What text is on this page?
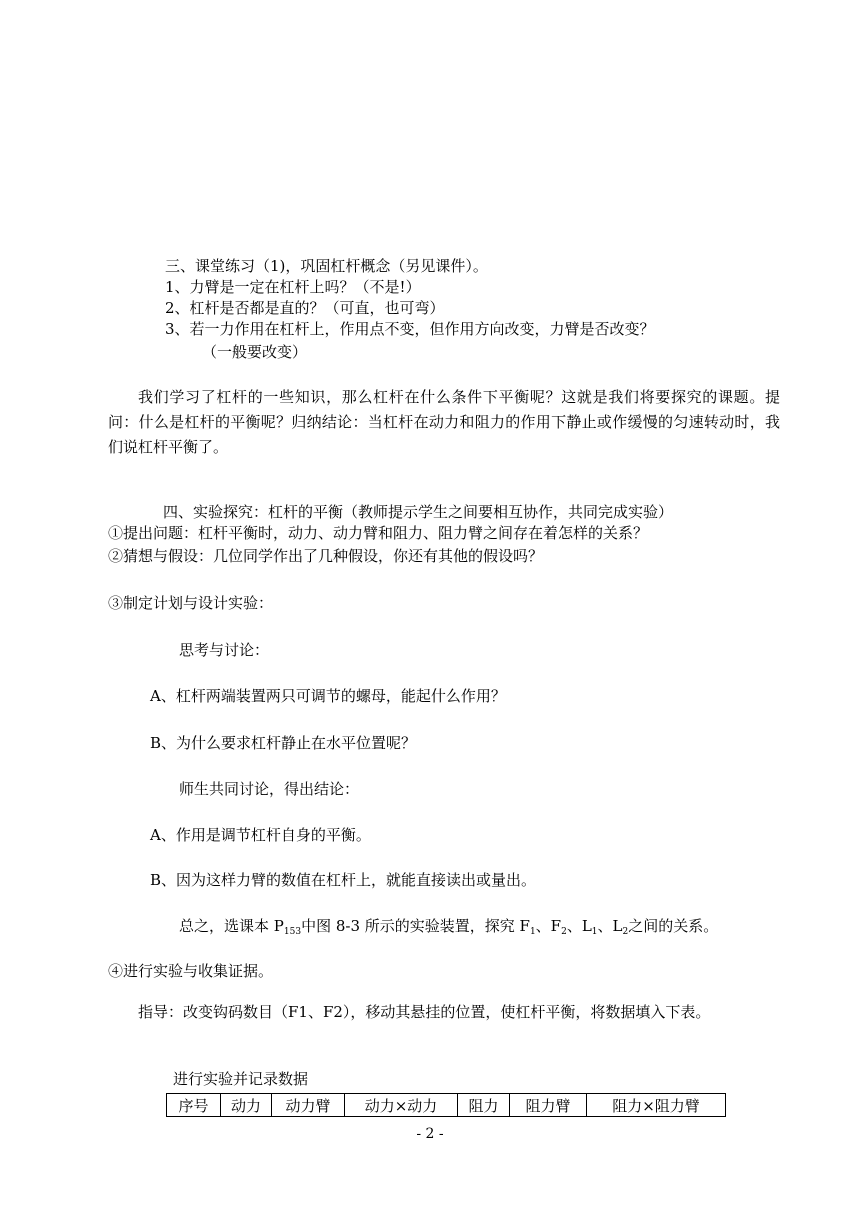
三、课堂练习（1)，巩固杠杆概念（另见课件）。
1、力臂是一定在杠杆上吗？（不是!）
2、杠杆是否都是直的？（可直，也可弯）
3、若一力作用在杠杆上，作用点不变，但作用方向改变，力臂是否改变？
（一般要改变）
我们学习了杠杆的一些知识，那么杠杆在什么条件下平衡呢？这就是我们将要探究的课题。提问：什么是杠杆的平衡呢？归纳结论：当杠杆在动力和阻力的作用下静止或作缓慢的匀速转动时，我们说杠杆平衡了。
四、实验探究：杠杆的平衡（教师提示学生之间要相互协作，共同完成实验）
①提出问题：杠杆平衡时，动力、动力臂和阻力、阻力臂之间存在着怎样的关系？
②猜想与假设：几位同学作出了几种假设，你还有其他的假设吗？
③制定计划与设计实验：
思考与讨论：
A、杠杆两端装置两只可调节的螺母，能起什么作用？
B、为什么要求杠杆静止在水平位置呢？
师生共同讨论，得出结论：
A、作用是调节杠杆自身的平衡。
B、因为这样力臂的数值在杠杆上，就能直接读出或量出。
总之，选课本 $P_{153}$中图 8-3 所示的实验装置，探究 $F_1$、$F_2$、$L_1$、$L_2$之间的关系。
④进行实验与收集证据。
指导：改变钩码数目（F1、F2），移动其悬挂的位置，使杠杆平衡，将数据填入下表。
进行实验并记录数据
序号	动力	动力臂	动力×动力	阻力	阻力臂	阻力×阻力臂
- 2 -
